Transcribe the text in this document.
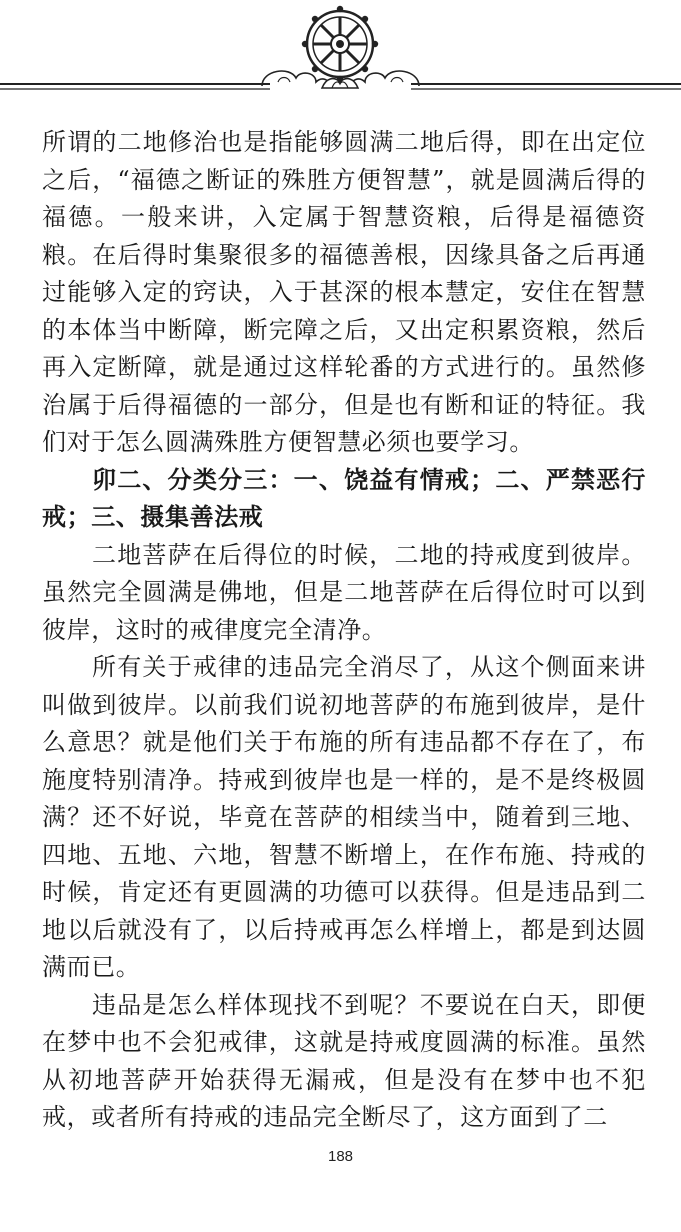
所谓的二地修治也是指能够圆满二地后得，即在出定位之后，“福德之断证的殊胜方便智慧”，就是圆满后得的福德。一般来讲，入定属于智慧资粮，后得是福德资粮。在后得时集聚很多的福德善根，因缘具备之后再通过能够入定的窍诀，入于甚深的根本慧定，安住在智慧的本体当中断障，断完障之后，又出定积累资粮，然后再入定断障，就是通过这样轮番的方式进行的。虽然修治属于后得福德的一部分，但是也有断和证的特征。我们对于怎么圆满殊胜方便智慧必须也要学习。

卯二、分类分三：一、饶益有情戒；二、严禁恶行戒；三、摄集善法戒

二地菩萨在后得位的时候，二地的持戒度到彼岸。虽然完全圆满是佛地，但是二地菩萨在后得位时可以到彼岸，这时的戒律度完全清净。

所有关于戒律的违品完全消尽了，从这个侧面来讲叫做到彼岸。以前我们说初地菩萨的布施到彼岸，是什么意思？就是他们关于布施的所有违品都不存在了，布施度特别清净。持戒到彼岸也是一样的，是不是终极圆满？还不好说，毕竟在菩萨的相续当中，随着到三地、四地、五地、六地，智慧不断增上，在作布施、持戒的时候，肯定还有更圆满的功德可以获得。但是违品到二地以后就没有了，以后持戒再怎么样增上，都是到达圆满而已。

违品是怎么样体现找不到呢？不要说在白天，即便在梦中也不会犯戒律，这就是持戒度圆满的标准。虽然从初地菩萨开始获得无漏戒，但是没有在梦中也不犯戒，或者所有持戒的违品完全断尽了，这方面到了二

188
